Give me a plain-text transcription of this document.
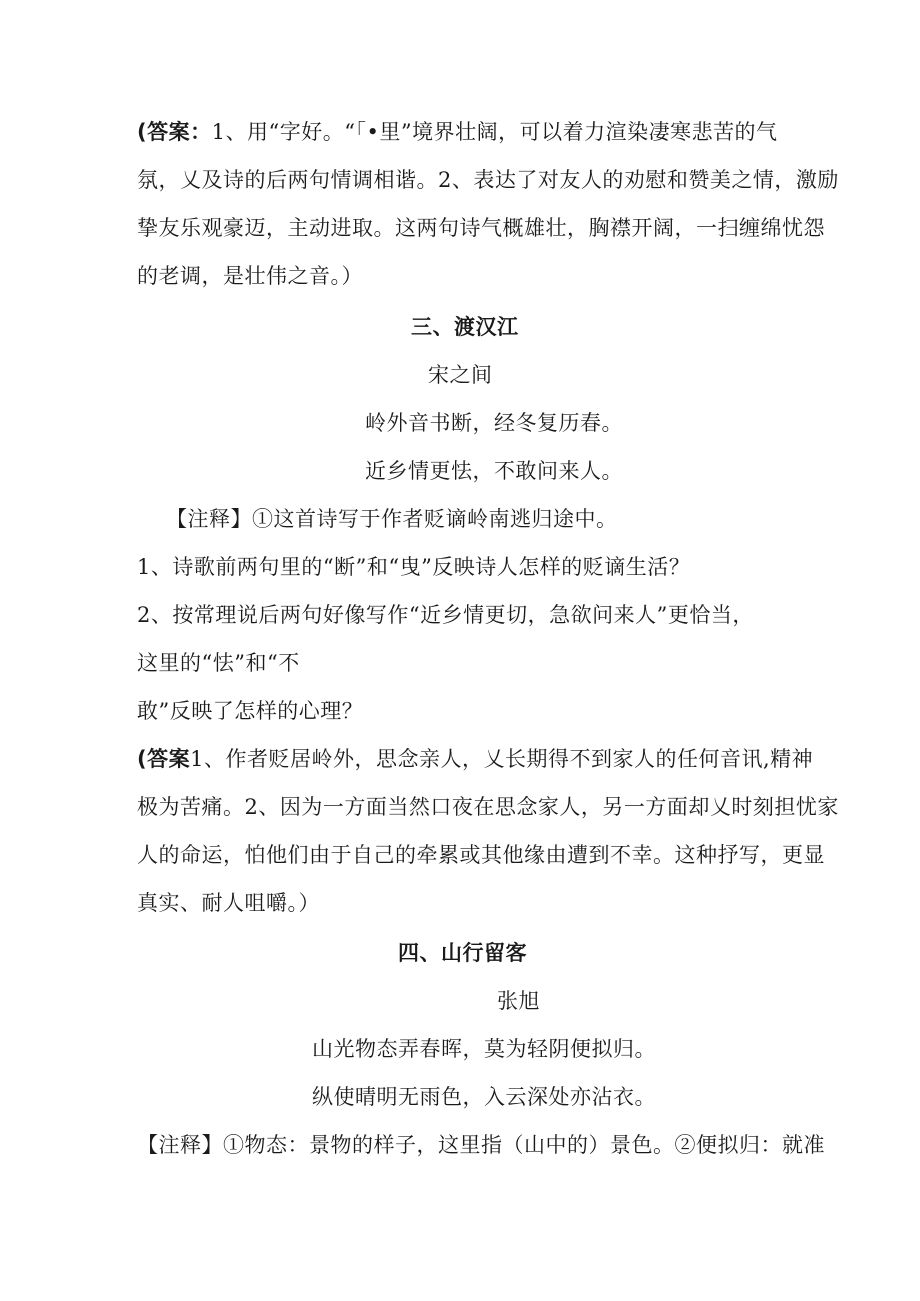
(答案：1、用“字好。“「•里”境界壮阔，可以着力渲染凄寒悲苦的气
氛，乂及诗的后两句情调相谐。2、表达了对友人的劝慰和赞美之情，激励
挚友乐观豪迈，主动进取。这两句诗气概雄壮，胸襟开阔，一扫缠绵忧怨
的老调，是壮伟之音。）
三、渡汉江
宋之间
岭外音书断，经冬复历春。
近乡情更怯，不敢问来人。
【注释】①这首诗写于作者贬谪岭南逃归途中。
1、诗歌前两句里的“断”和“曳”反映诗人怎样的贬谪生活？
2、按常理说后两句好像写作“近乡情更切，急欲问来人”更恰当，
这里的“怯”和“不
敢”反映了怎样的心理？
(答案1、作者贬居岭外，思念亲人，乂长期得不到家人的任何音讯,精神
极为苦痛。2、因为一方面当然口夜在思念家人，另一方面却乂时刻担忧家
人的命运，怕他们由于自己的牵累或其他缘由遭到不幸。这种抒写，更显
真实、耐人咀嚼。）
四、山行留客
张旭
山光物态弄春晖，莫为轻阴便拟归。
纵使晴明无雨色，入云深处亦沾衣。
【注释】①物态：景物的样子，这里指（山中的）景色。②便拟归：就准
